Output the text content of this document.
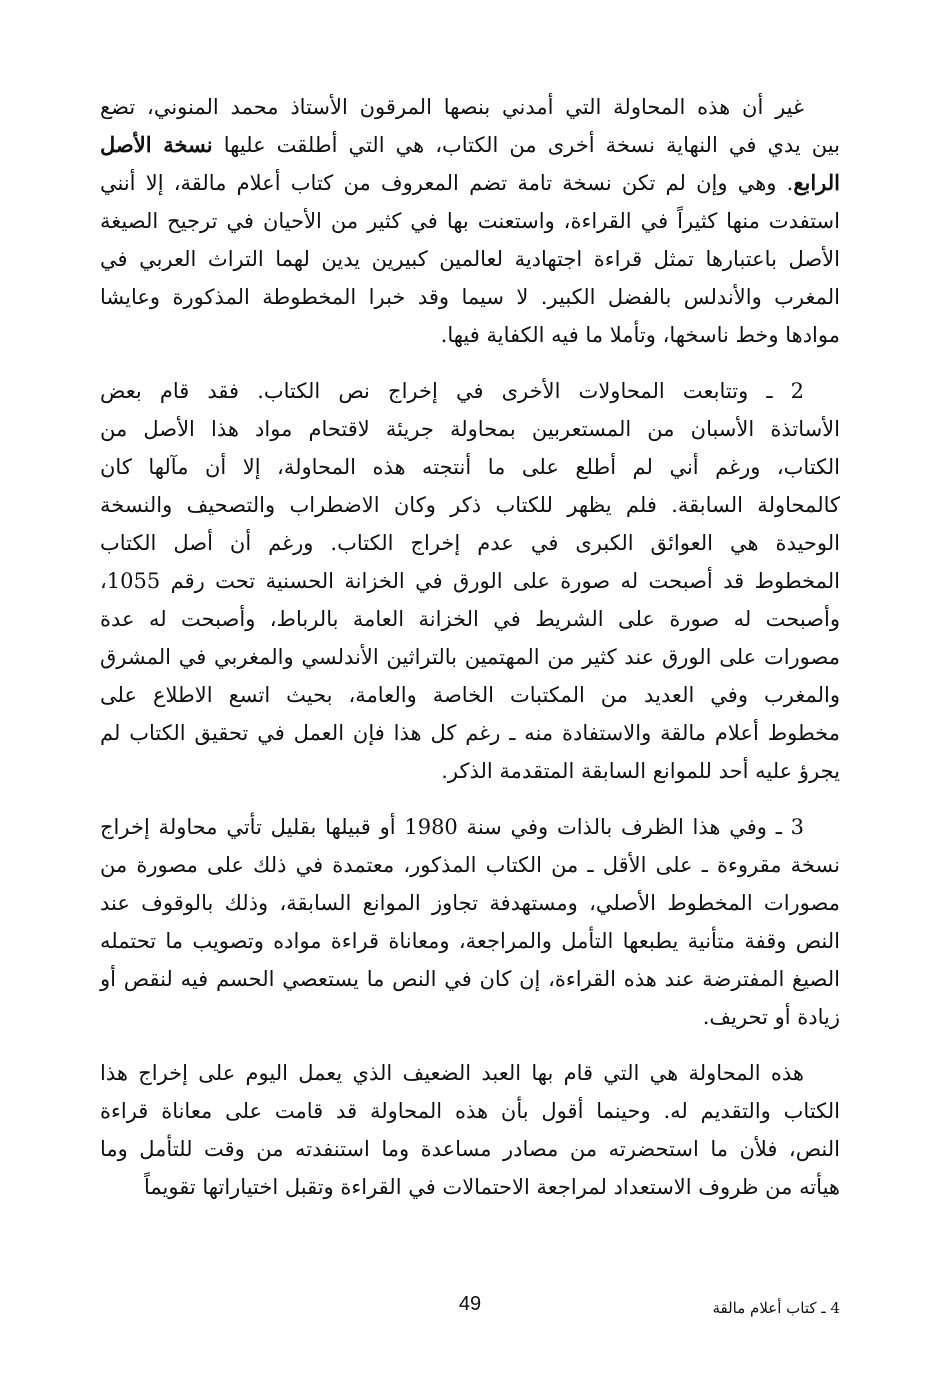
غير أن هذه المحاولة التي أمدني بنصها المرقون الأستاذ محمد المنوني، تضع
بين يدي في النهاية نسخة أخرى من الكتاب، هي التي أطلقت عليها نسخة الأصل
الرابع. وهي وإن لم تكن نسخة تامة تضم المعروف من كتاب أعلام مالقة، إلا أنني
استفدت منها كثيراً في القراءة، واستعنت بها في كثير من الأحيان في ترجيح الصيغة
الأصل باعتبارها تمثل قراءة اجتهادية لعالمين كبيرين يدين لهما التراث العربي في
المغرب والأندلس بالفضل الكبير. لا سيما وقد خبرا المخطوطة المذكورة وعايشا
موادها وخط ناسخها، وتأملا ما فيه الكفاية فيها.
2 ـ وتتابعت المحاولات الأخرى في إخراج نص الكتاب. فقد قام بعض
الأساتذة الأسبان من المستعربين بمحاولة جريئة لاقتحام مواد هذا الأصل من
الكتاب، ورغم أني لم أطلع على ما أنتجته هذه المحاولة، إلا أن مآلها كان
كالمحاولة السابقة. فلم يظهر للكتاب ذكر وكان الاضطراب والتصحيف والنسخة
الوحيدة هي العوائق الكبرى في عدم إخراج الكتاب. ورغم أن أصل الكتاب
المخطوط قد أصبحت له صورة على الورق في الخزانة الحسنية تحت رقم 1055،
وأصبحت له صورة على الشريط في الخزانة العامة بالرباط، وأصبحت له عدة
مصورات على الورق عند كثير من المهتمين بالتراثين الأندلسي والمغربي في المشرق
والمغرب وفي العديد من المكتبات الخاصة والعامة، بحيث اتسع الاطلاع على
مخطوط أعلام مالقة والاستفادة منه ـ رغم كل هذا فإن العمل في تحقيق الكتاب لم
يجرؤ عليه أحد للموانع السابقة المتقدمة الذكر.
3 ـ وفي هذا الظرف بالذات وفي سنة 1980 أو قبيلها بقليل تأتي محاولة إخراج
نسخة مقروءة ـ على الأقل ـ من الكتاب المذكور، معتمدة في ذلك على مصورة من
مصورات المخطوط الأصلي، ومستهدفة تجاوز الموانع السابقة، وذلك بالوقوف عند
النص وقفة متأنية يطبعها التأمل والمراجعة، ومعاناة قراءة مواده وتصويب ما تحتمله
الصيغ المفترضة عند هذه القراءة، إن كان في النص ما يستعصي الحسم فيه لنقص أو
زيادة أو تحريف.
هذه المحاولة هي التي قام بها العبد الضعيف الذي يعمل اليوم على إخراج هذا
الكتاب والتقديم له. وحينما أقول بأن هذه المحاولة قد قامت على معاناة قراءة
النص، فلأن ما استحضرته من مصادر مساعدة وما استنفدته من وقت للتأمل وما
هيأته من ظروف الاستعداد لمراجعة الاحتمالات في القراءة وتقبل اختياراتها تقويماً
4 ـ كتاب أعلام مالقة
49
